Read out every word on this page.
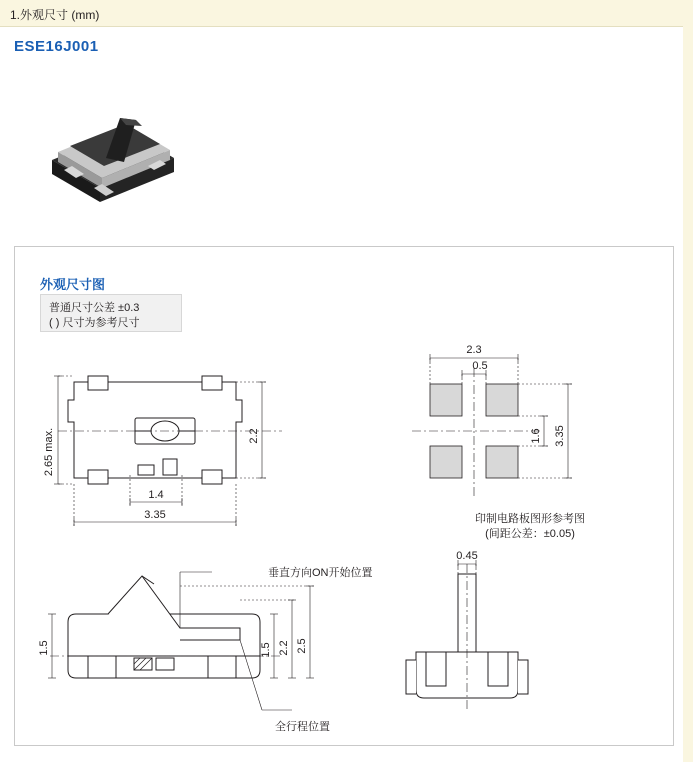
1.外观尺寸 (mm)
ESE16J001
外观尺寸图
普通尺寸公差 ±0.3
( ) 尺寸为参考尺寸
2.65 max.	2.2
1.4
3.35
2.3
0.5
1.6 3.35
印制电路板图形参考图
(间距公差：±0.05)
1.5	1.5 2.2 2.5
垂直方向ON开始位置
全行程位置
0.45
